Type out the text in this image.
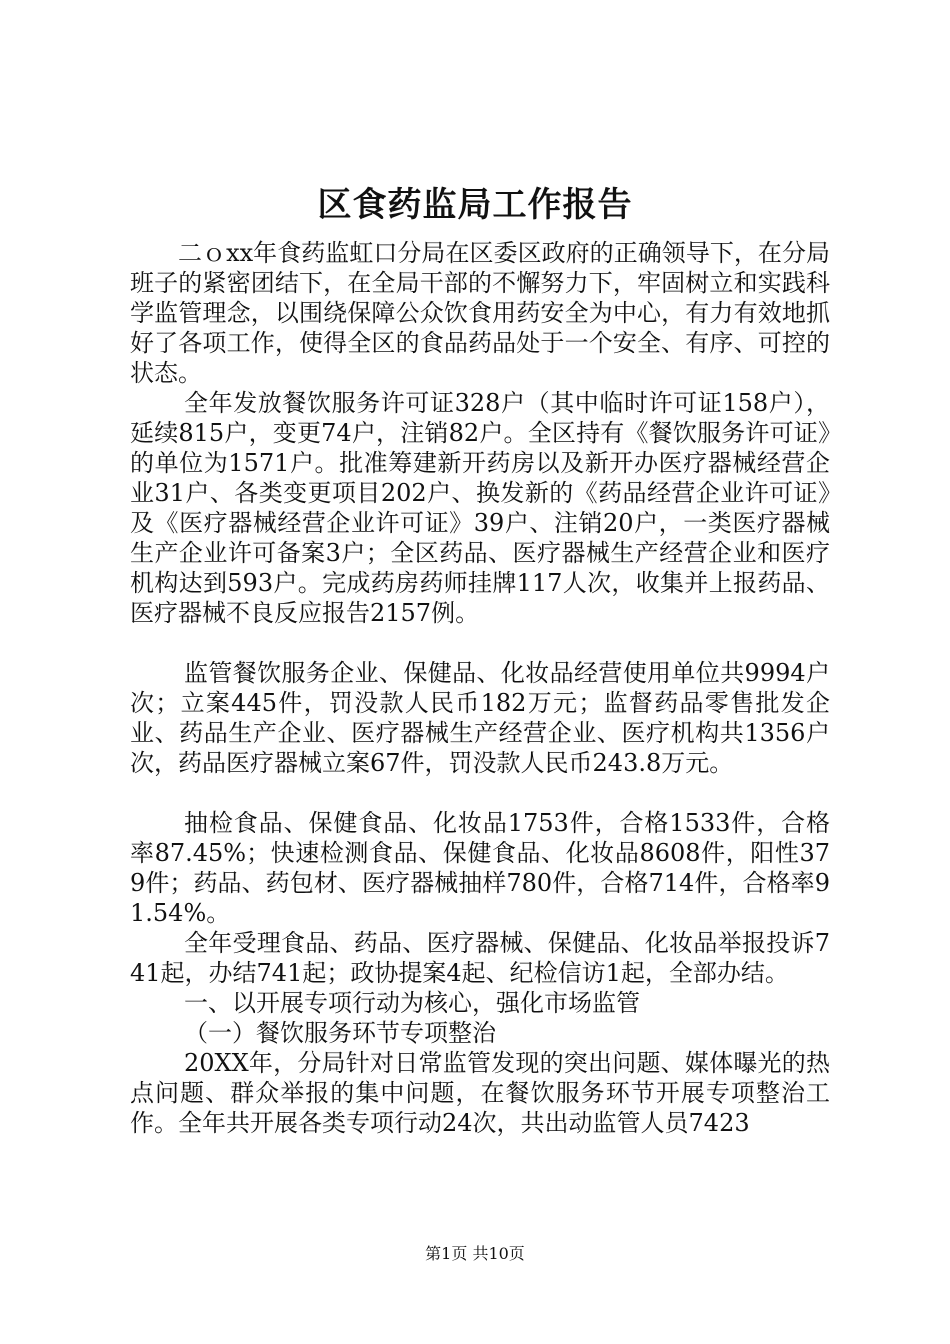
区食药监局工作报告

二ｏxx年食药监虹口分局在区委区政府的正确领导下，在分局班子的紧密团结下，在全局干部的不懈努力下，牢固树立和实践科学监管理念，以围绕保障公众饮食用药安全为中心，有力有效地抓好了各项工作，使得全区的食品药品处于一个安全、有序、可控的状态。

全年发放餐饮服务许可证328户（其中临时许可证158户），延续815户，变更74户，注销82户。全区持有《餐饮服务许可证》的单位为1571户。批准筹建新开药房以及新开办医疗器械经营企业31户、各类变更项目202户、换发新的《药品经营企业许可证》及《医疗器械经营企业许可证》39户、注销20户，一类医疗器械生产企业许可备案3户；全区药品、医疗器械生产经营企业和医疗机构达到593户。完成药房药师挂牌117人次，收集并上报药品、医疗器械不良反应报告2157例。

监管餐饮服务企业、保健品、化妆品经营使用单位共9994户次；立案445件，罚没款人民币182万元；监督药品零售批发企业、药品生产企业、医疗器械生产经营企业、医疗机构共1356户次，药品医疗器械立案67件，罚没款人民币243.8万元。

抽检食品、保健食品、化妆品1753件，合格1533件，合格率87.45%；快速检测食品、保健食品、化妆品8608件，阳性379件；药品、药包材、医疗器械抽样780件，合格714件，合格率91.54%。

全年受理食品、药品、医疗器械、保健品、化妆品举报投诉741起，办结741起；政协提案4起、纪检信访1起，全部办结。

一、以开展专项行动为核心，强化市场监管

（一）餐饮服务环节专项整治

20XX年，分局针对日常监管发现的突出问题、媒体曝光的热点问题、群众举报的集中问题，在餐饮服务环节开展专项整治工作。全年共开展各类专项行动24次，共出动监管人员7423

第1页 共10页
